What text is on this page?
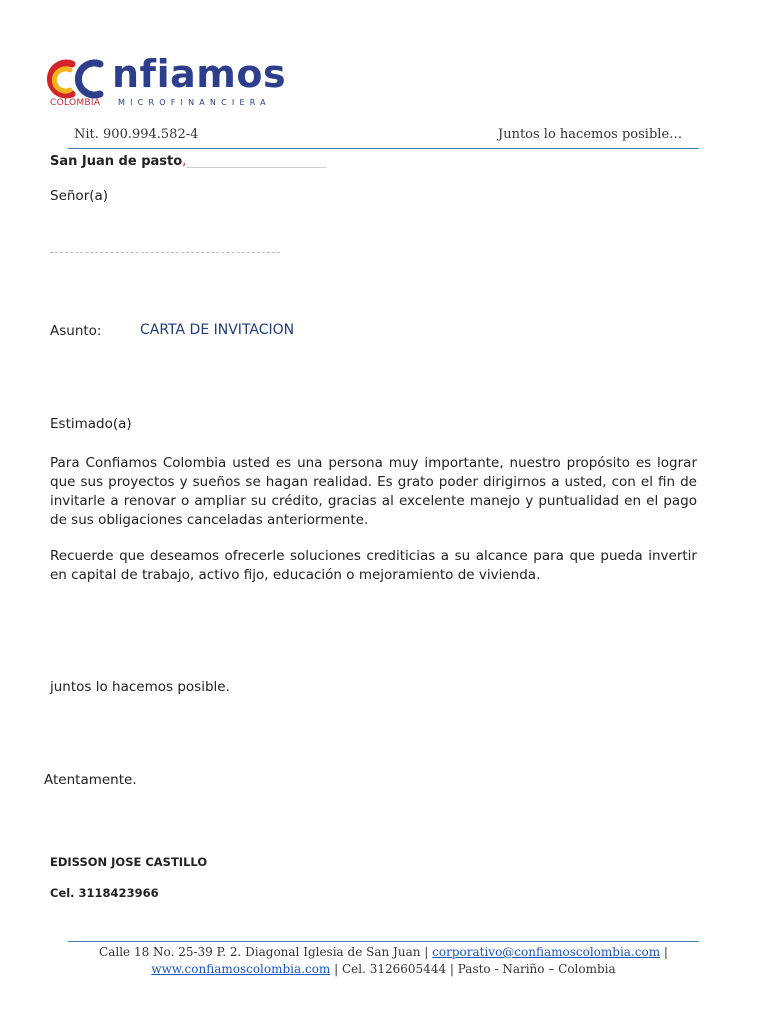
nfiamos
COLOMBIA MICROFINANCIERA
Nit. 900.994.582-4	Juntos lo hacemos posible…
San Juan de pasto,
Señor(a)
Asunto:	CARTA DE INVITACION
Estimado(a)
Para Confiamos Colombia usted es una persona muy importante, nuestro propósito es lograr que sus proyectos y sueños se hagan realidad. Es grato poder dirigirnos a usted, con el fin de invitarle a renovar o ampliar su crédito, gracias al excelente manejo y puntualidad en el pago de sus obligaciones canceladas anteriormente.
Recuerde que deseamos ofrecerle soluciones crediticias a su alcance para que pueda invertir en capital de trabajo, activo fijo, educación o mejoramiento de vivienda.
juntos lo hacemos posible.
Atentamente.
EDISSON JOSE CASTILLO
Cel. 3118423966
Calle 18 No. 25-39 P. 2. Diagonal Iglesia de San Juan | corporativo@confiamoscolombia.com |
www.confiamoscolombia.com | Cel. 3126605444 | Pasto - Nariño – Colombia
